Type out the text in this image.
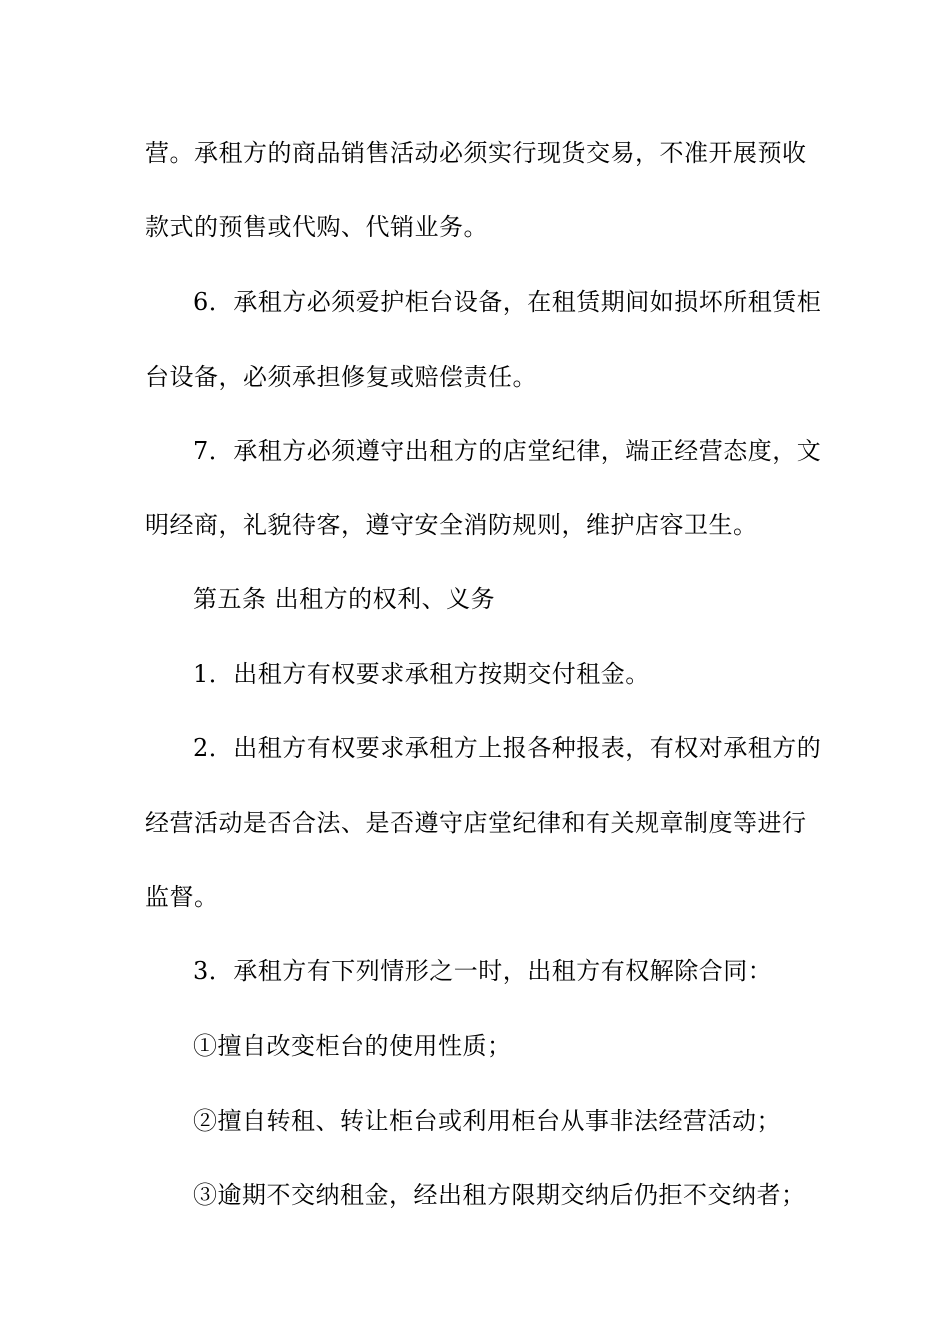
营。承租方的商品销售活动必须实行现货交易，不准开展预收
款式的预售或代购、代销业务。
6．承租方必须爱护柜台设备，在租赁期间如损坏所租赁柜
台设备，必须承担修复或赔偿责任。
7．承租方必须遵守出租方的店堂纪律，端正经营态度，文
明经商，礼貌待客，遵守安全消防规则，维护店容卫生。
第五条 出租方的权利、义务
1．出租方有权要求承租方按期交付租金。
2．出租方有权要求承租方上报各种报表，有权对承租方的
经营活动是否合法、是否遵守店堂纪律和有关规章制度等进行
监督。
3．承租方有下列情形之一时，出租方有权解除合同：
①擅自改变柜台的使用性质；
②擅自转租、转让柜台或利用柜台从事非法经营活动；
③逾期不交纳租金，经出租方限期交纳后仍拒不交纳者；
